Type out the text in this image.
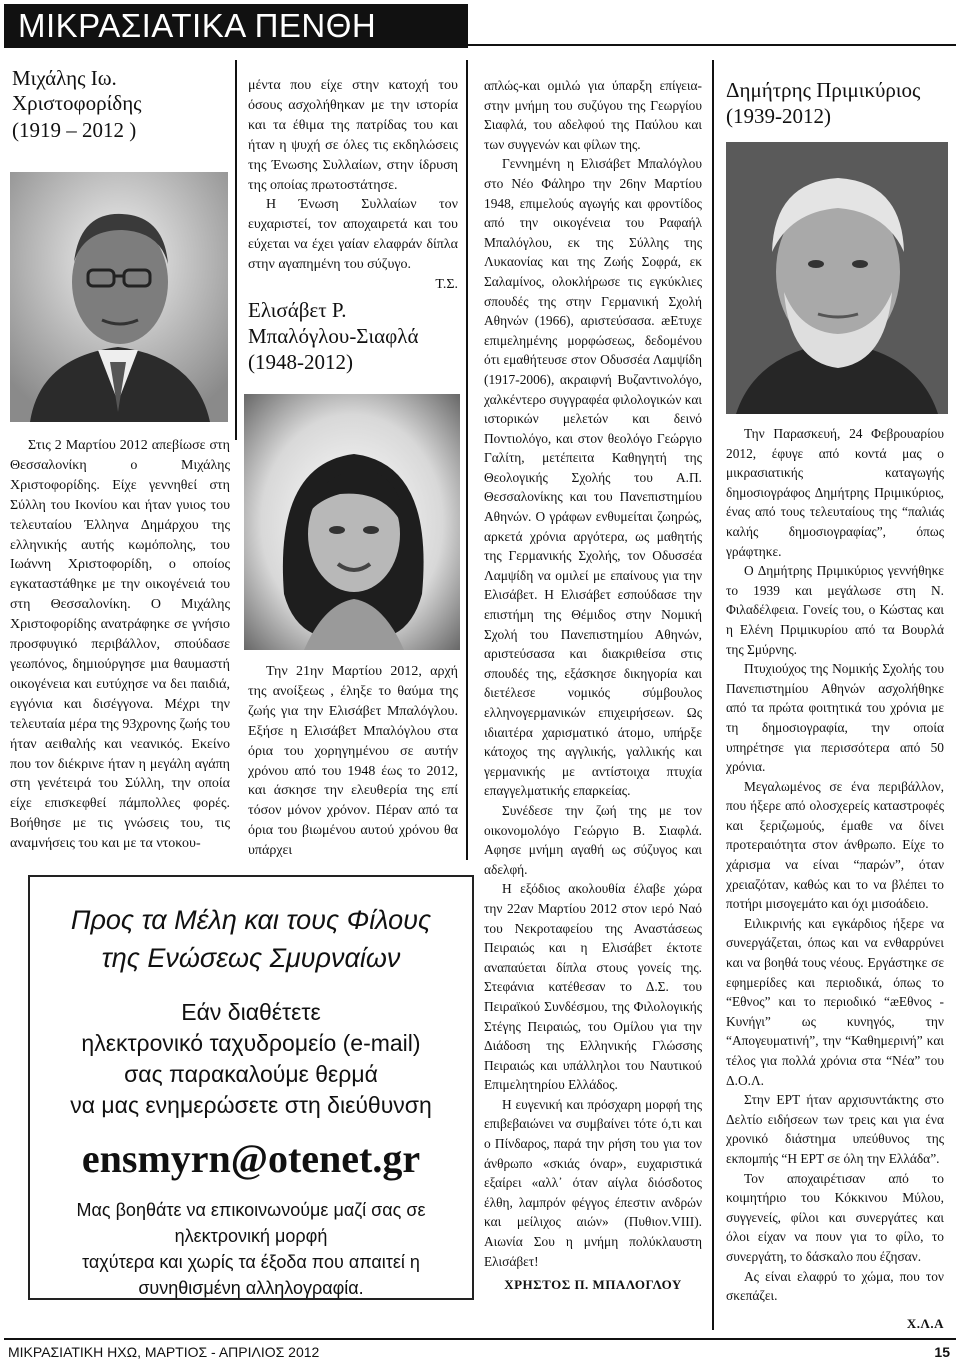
ΜΙΚΡΑΣΙΑΤΙΚΑ ΠΕΝΘΗ
Μιχάλης Ιω. Χριστοφορίδης
(1919 – 2012 )

Στις 2 Μαρτίου 2012 απεβίωσε στη Θεσσαλονίκη ο Μιχάλης Χριστοφορίδης. Είχε γεννηθεί στη Σύλλη του Ικονίου και ήταν γυιος του τελευταίου Έλληνα Δημάρχου της ελληνικής αυτής κωμόπολης, του Ιωάννη Χριστοφορίδη, ο οποίος εγκαταστάθηκε με την οικογένειά του στη Θεσσαλονίκη. Ο Μιχάλης Χριστοφορίδης ανατράφηκε σε γνήσιο προσφυγικό περιβάλλον, σπούδασε γεωπόνος, δημιούργησε μια θαυμαστή οικογένεια και ευτύχησε να δει παιδιά, εγγόνια και δισέγγονα. Μέχρι την τελευταία μέρα της 93χρονης ζωής του ήταν αειθαλής και νεανικός. Εκείνο που τον διέκρινε ήταν η μεγάλη αγάπη στη γενέτειρά του Σύλλη, την οποία είχε επισκεφθεί πάμπολλες φορές. Βοήθησε με τις γνώσεις του, τις αναμνήσεις του και με τα ντοκου-

μέντα που είχε στην κατοχή του όσους ασχολήθηκαν με την ιστορία και τα έθιμα της πατρίδας του και ήταν η ψυχή σε όλες τις εκδηλώσεις της Ένωσης Συλλαίων, στην ίδρυση της οποίας πρωτοστάτησε.

Η Ένωση Συλλαίων τον ευχαριστεί, τον αποχαιρετά και του εύχεται να έχει γαίαν ελαφράν δίπλα στην αγαπημένη του σύζυγο.

Τ.Σ.
Ελισάβετ Ρ.
Μπαλόγλου-Σιαφλά
(1948-2012)

Την 21ην Μαρτίου 2012, αρχή της ανοίξεως , έληξε το θαύμα της ζωής για την Ελισάβετ Μπαλόγλου. Εξήσε η Ελισάβετ Μπαλόγλου στα όρια του χορηγημένου σε αυτήν χρόνου από του 1948 έως το 2012, και άσκησε την ελευθερία της επί τόσον μόνον χρόνον. Πέραν από τα όρια του βιωμένου αυτού χρόνου θα υπάρχει

απλώς-και ομιλώ για ύπαρξη επίγεια- στην μνήμη του συζύγου της Γεωργίου Σιαφλά, του αδελφού της Παύλου και των συγγενών και φίλων της.

Γεννημένη η Ελισάβετ Μπαλόγλου στο Νέο Φάληρο την 26ην Μαρτίου 1948, επιμελούς αγωγής και φροντίδος από την οικογένεια του Ραφαήλ Μπαλόγλου, εκ της Σύλλης της Λυκαονίας και της Ζωής Σοφρά, εκ Σαλαμίνος, ολοκλήρωσε τις εγκύκλιες σπουδές της στην Γερμανική Σχολή Αθηνών (1966), αριστεύσασα. æΕτυχε επιμελημένης μορφώσεως, δεδομένου ότι εμαθήτευσε στον Οδυσσέα Λαμψίδη (1917-2006), ακραιφνή Βυζαντινολόγο, χαλκέντερο συγγραφέα φιλολογικών και ιστορικών μελετών και δεινό Ποντιολόγο, και στον θεολόγο Γεώργιο Γαλίτη, μετέπειτα Καθηγητή της Θεολογικής Σχολής του Α.Π. Θεσσαλονίκης και του Πανεπιστημίου Αθηνών. Ο γράφων ενθυμείται ζωηρώς, αρκετά χρόνια αργότερα, ως μαθητής της Γερμανικής Σχολής, τον Οδυσσέα Λαμψίδη να ομιλεί με επαίνους για την Ελισάβετ. Η Ελισάβετ εσπούδασε την επιστήμη της Θέμιδος στην Νομική Σχολή του Πανεπιστημίου Αθηνών, αριστεύσασα και διακριθείσα στις σπουδές της, εξάσκησε δικηγορία και διετέλεσε νομικός σύμβουλος ελληνογερμανικών επιχειρήσεων. Ως ιδιαιτέρα χαρισματικό άτομο, υπήρξε κάτοχος της αγγλικής, γαλλικής και γερμανικής με αντίστοιχα πτυχία επαγγελματικής επαρκείας.

Συνέδεσε την ζωή της με τον οικονομολόγο Γεώργιο Β. Σιαφλά. Αφησε μνήμη αγαθή ως σύζυγος και αδελφή.

Η εξόδιος ακολουθία έλαβε χώρα την 22αν Μαρτίου 2012 στον ιερό Ναό του Νεκροταφείου της Αναστάσεως Πειραιώς και η Ελισάβετ έκτοτε αναπαύεται δίπλα στους γονείς της. Στεφάνια κατέθεσαν το Δ.Σ. του Πειραϊκού Συνδέσμου, της Φιλολογικής Στέγης Πειραιώς, του Ομίλου για την Διάδοση της Ελληνικής Γλώσσης Πειραιώς και υπάλληλοι του Ναυτικού Επιμελητηρίου Ελλάδος.

Η ευγενική και πρόσχαρη μορφή της επιβεβαιώνει να συμβαίνει τότε ό,τι και ο Πίνδαρος, παρά την ρήση του για τον άνθρωπο «σκιάς όναρ», ευχαριστικά εξαίρει «αλλ᾿ όταν αίγλα διόσδοτος έλθη, λαμπρόν φέγγος έπεστιν ανδρών και μείλιχος αιών» (Πυθιον.VIII). Αιωνία Σου η μνήμη πολύκλαυστη Ελισάβετ!

ΧΡΗΣΤΟΣ Π. ΜΠΑΛΟΓΛΟΥ
Δημήτρης Πριμικύριος
(1939-2012)

Την Παρασκευή, 24 Φεβρουαρίου 2012, έφυγε από κοντά μας ο μικρασιατικής καταγωγής δημοσιογράφος Δημήτρης Πριμικύριος, ένας από τους τελευταίους της “παλιάς καλής δημοσιογραφίας”, όπως γράφτηκε.

Ο Δημήτρης Πριμικύριος γεννήθηκε το 1939 και μεγάλωσε στη Ν. Φιλαδέλφεια. Γονείς του, ο Κώστας και η Ελένη Πριμικυρίου από τα Βουρλά της Σμύρνης.

Πτυχιούχος της Νομικής Σχολής του Πανεπιστημίου Αθηνών ασχολήθηκε από τα πρώτα φοιτητικά του χρόνια με τη δημοσιογραφία, την οποία υπηρέτησε για περισσότερα από 50 χρόνια.

Μεγαλωμένος σε ένα περιβάλλον, που ήξερε από ολοσχερείς καταστροφές και ξεριζωμούς, έμαθε να δίνει προτεραιότητα στον άνθρωπο. Είχε το χάρισμα να είναι “παρών”, όταν χρειαζόταν, καθώς και το να βλέπει το ποτήρι μισογεμάτο και όχι μισοάδειο.

Ειλικρινής και εγκάρδιος ήξερε να συνεργάζεται, όπως και να ενθαρρύνει και να βοηθά τους νέους. Εργάστηκε σε εφημερίδες και περιοδικά, όπως το “Εθνος” και το περιοδικό “æΕθνος - Κυνήγι” ως κυνηγός, την “Απογευματινή”, την “Καθημερινή” και τέλος για πολλά χρόνια στα “Νέα” του Δ.Ο.Λ.

Στην ΕΡΤ ήταν αρχισυντάκτης στο Δελτίο ειδήσεων των τρεις και για ένα χρονικό διάστημα υπεύθυνος της εκπομπής “Η ΕΡΤ σε όλη την Ελλάδα”.

Τον αποχαιρέτισαν από το κοιμητήριο του Κόκκινου Μύλου, συγγενείς, φίλοι και συνεργάτες και όλοι είχαν να πουν για το φίλο, το συνεργάτη, το δάσκαλο που έζησαν.

Ας είναι ελαφρύ το χώμα, που τον σκεπάζει.

Χ.Λ.Α
Προς τα Μέλη και τους Φίλους
της Ενώσεως Σμυρναίων
Εάν διαθέτετε
ηλεκτρονικό ταχυδρομείο (e-mail)
σας παρακαλούμε θερμά
να μας ενημερώσετε στη διεύθυνση
ensmyrn@otenet.gr
Μας βοηθάτε να επικοινωνούμε μαζί σας σε
ηλεκτρονική μορφή
ταχύτερα και χωρίς τα έξοδα που απαιτεί η
συνηθισμένη αλληλογραφία.
ΜΙΚΡΑΣΙΑΤΙΚΗ ΗΧΩ, ΜΑΡΤΙΟΣ - ΑΠΡΙΛΙΟΣ 2012	15
